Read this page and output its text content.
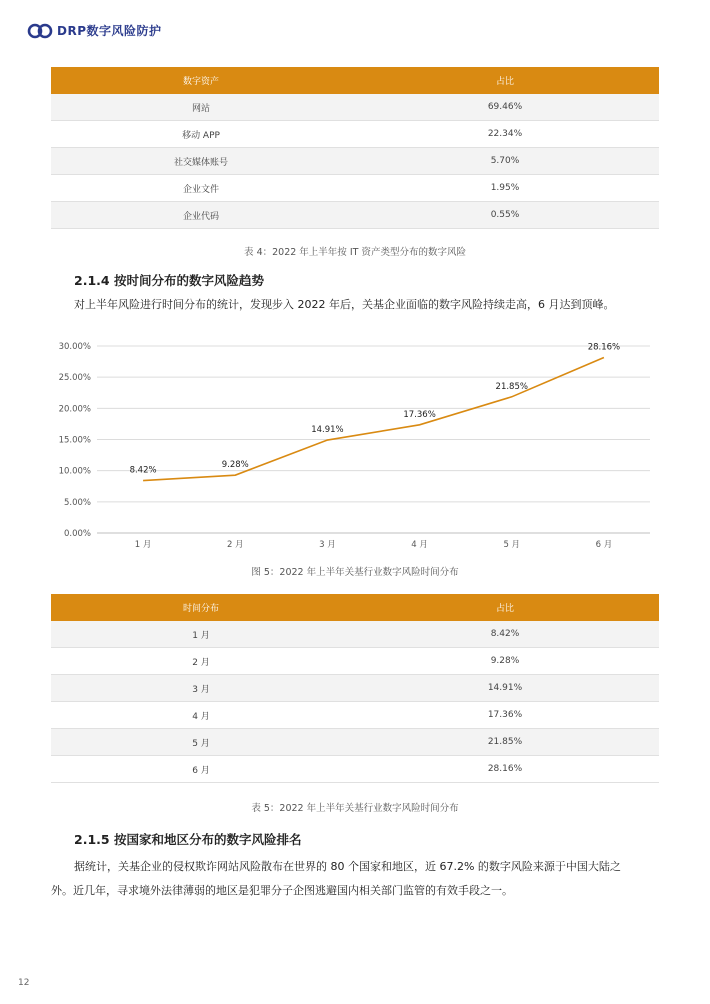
DRP数字风险防护
数字资产	占比
网站	69.46%
移动 APP	22.34%
社交媒体账号	5.70%
企业文件	1.95%
企业代码	0.55%
表 4：2022 年上半年按 IT 资产类型分布的数字风险
2.1.4 按时间分布的数字风险趋势
对上半年风险进行时间分布的统计，发现步入 2022 年后，关基企业面临的数字风险持续走高，6 月达到顶峰。
0.00%
5.00%
10.00%
15.00%
20.00%
25.00%
30.00%
1 月	2 月	3 月	4 月	5 月	6 月
8.42%
9.28%
14.91%
17.36%
21.85%
28.16%
图 5：2022 年上半年关基行业数字风险时间分布
时间分布	占比
1 月	8.42%
2 月	9.28%
3 月	14.91%
4 月	17.36%
5 月	21.85%
6 月	28.16%
表 5：2022 年上半年关基行业数字风险时间分布
2.1.5 按国家和地区分布的数字风险排名
据统计，关基企业的侵权欺诈网站风险散布在世界的 80 个国家和地区，近 67.2% 的数字风险来源于中国大陆之
外。近几年，寻求境外法律薄弱的地区是犯罪分子企图逃避国内相关部门监管的有效手段之一。
12
